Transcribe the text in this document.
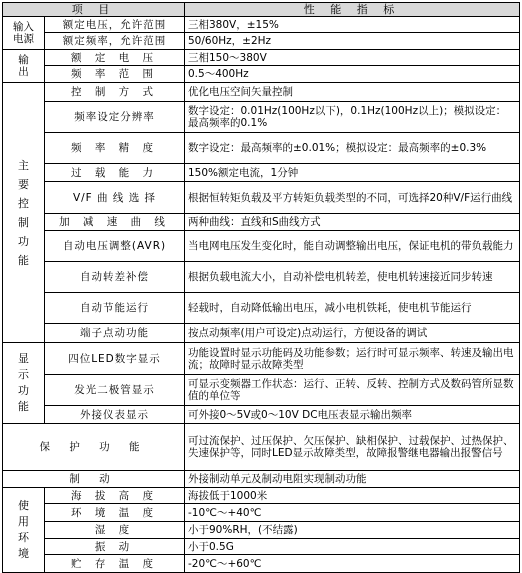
项 目		性 能 指 标

输入
电源	额定电压，允许范围	三相380V，±15%
	额定频率，允许范围	50/60Hz，±2Hz

输
出	额 定 电 压	三相150～380V
	频 率 范 围	0.5～400Hz

主要控制功能	控 制 方 式	优化电压空间矢量控制
	频率设定分辨率	数字设定：0.01Hz(100Hz以下)，0.1Hz(100Hz以上)；模拟设定：最高频率的0.1%
	频 率 精 度	数字设定：最高频率的±0.01%；模拟设定：最高频率的±0.3%
	过 载 能 力	150%额定电流，1分钟
	V/F 曲 线 选 择	根据恒转矩负载及平方转矩负载类型的不同，可选择20种V/F运行曲线
	加 减 速 曲 线	两种曲线：直线和S曲线方式
	自动电压调整(AVR)	当电网电压发生变化时，能自动调整输出电压，保证电机的带负载能力
	自动转差补偿	根据负载电流大小，自动补偿电机转差，使电机转速接近同步转速
	自动节能运行	轻载时，自动降低输出电压，减小电机铁耗，使电机节能运行
	端子点动功能	按点动频率(用户可设定)点动运行，方便设备的调试

显示功能	四位LED数字显示	功能设置时显示功能码及功能参数；运行时可显示频率、转速及输出电流；故障时显示故障类型
	发光二极管显示	可显示变频器工作状态：运行、正转、反转、控制方式及数码管所显数值的单位等
	外接仪表显示	可外接0～5V或0～10V DC电压表显示输出频率
保 护 功 能		可过流保护、过压保护、欠压保护、缺相保护、过载保护、过热保护、失速保护等，同时LED显示故障类型，故障报警继电器输出报警信号
制 动		外接制动单元及制动电阻实现制动功能

使用环境	海 拔 高 度	海拔低于1000米
	环 境 温 度	-10℃～+40℃
	湿 度	小于90%RH，(不结露)
	振 动	小于0.5G
	贮 存 温 度	-20℃～+60℃
